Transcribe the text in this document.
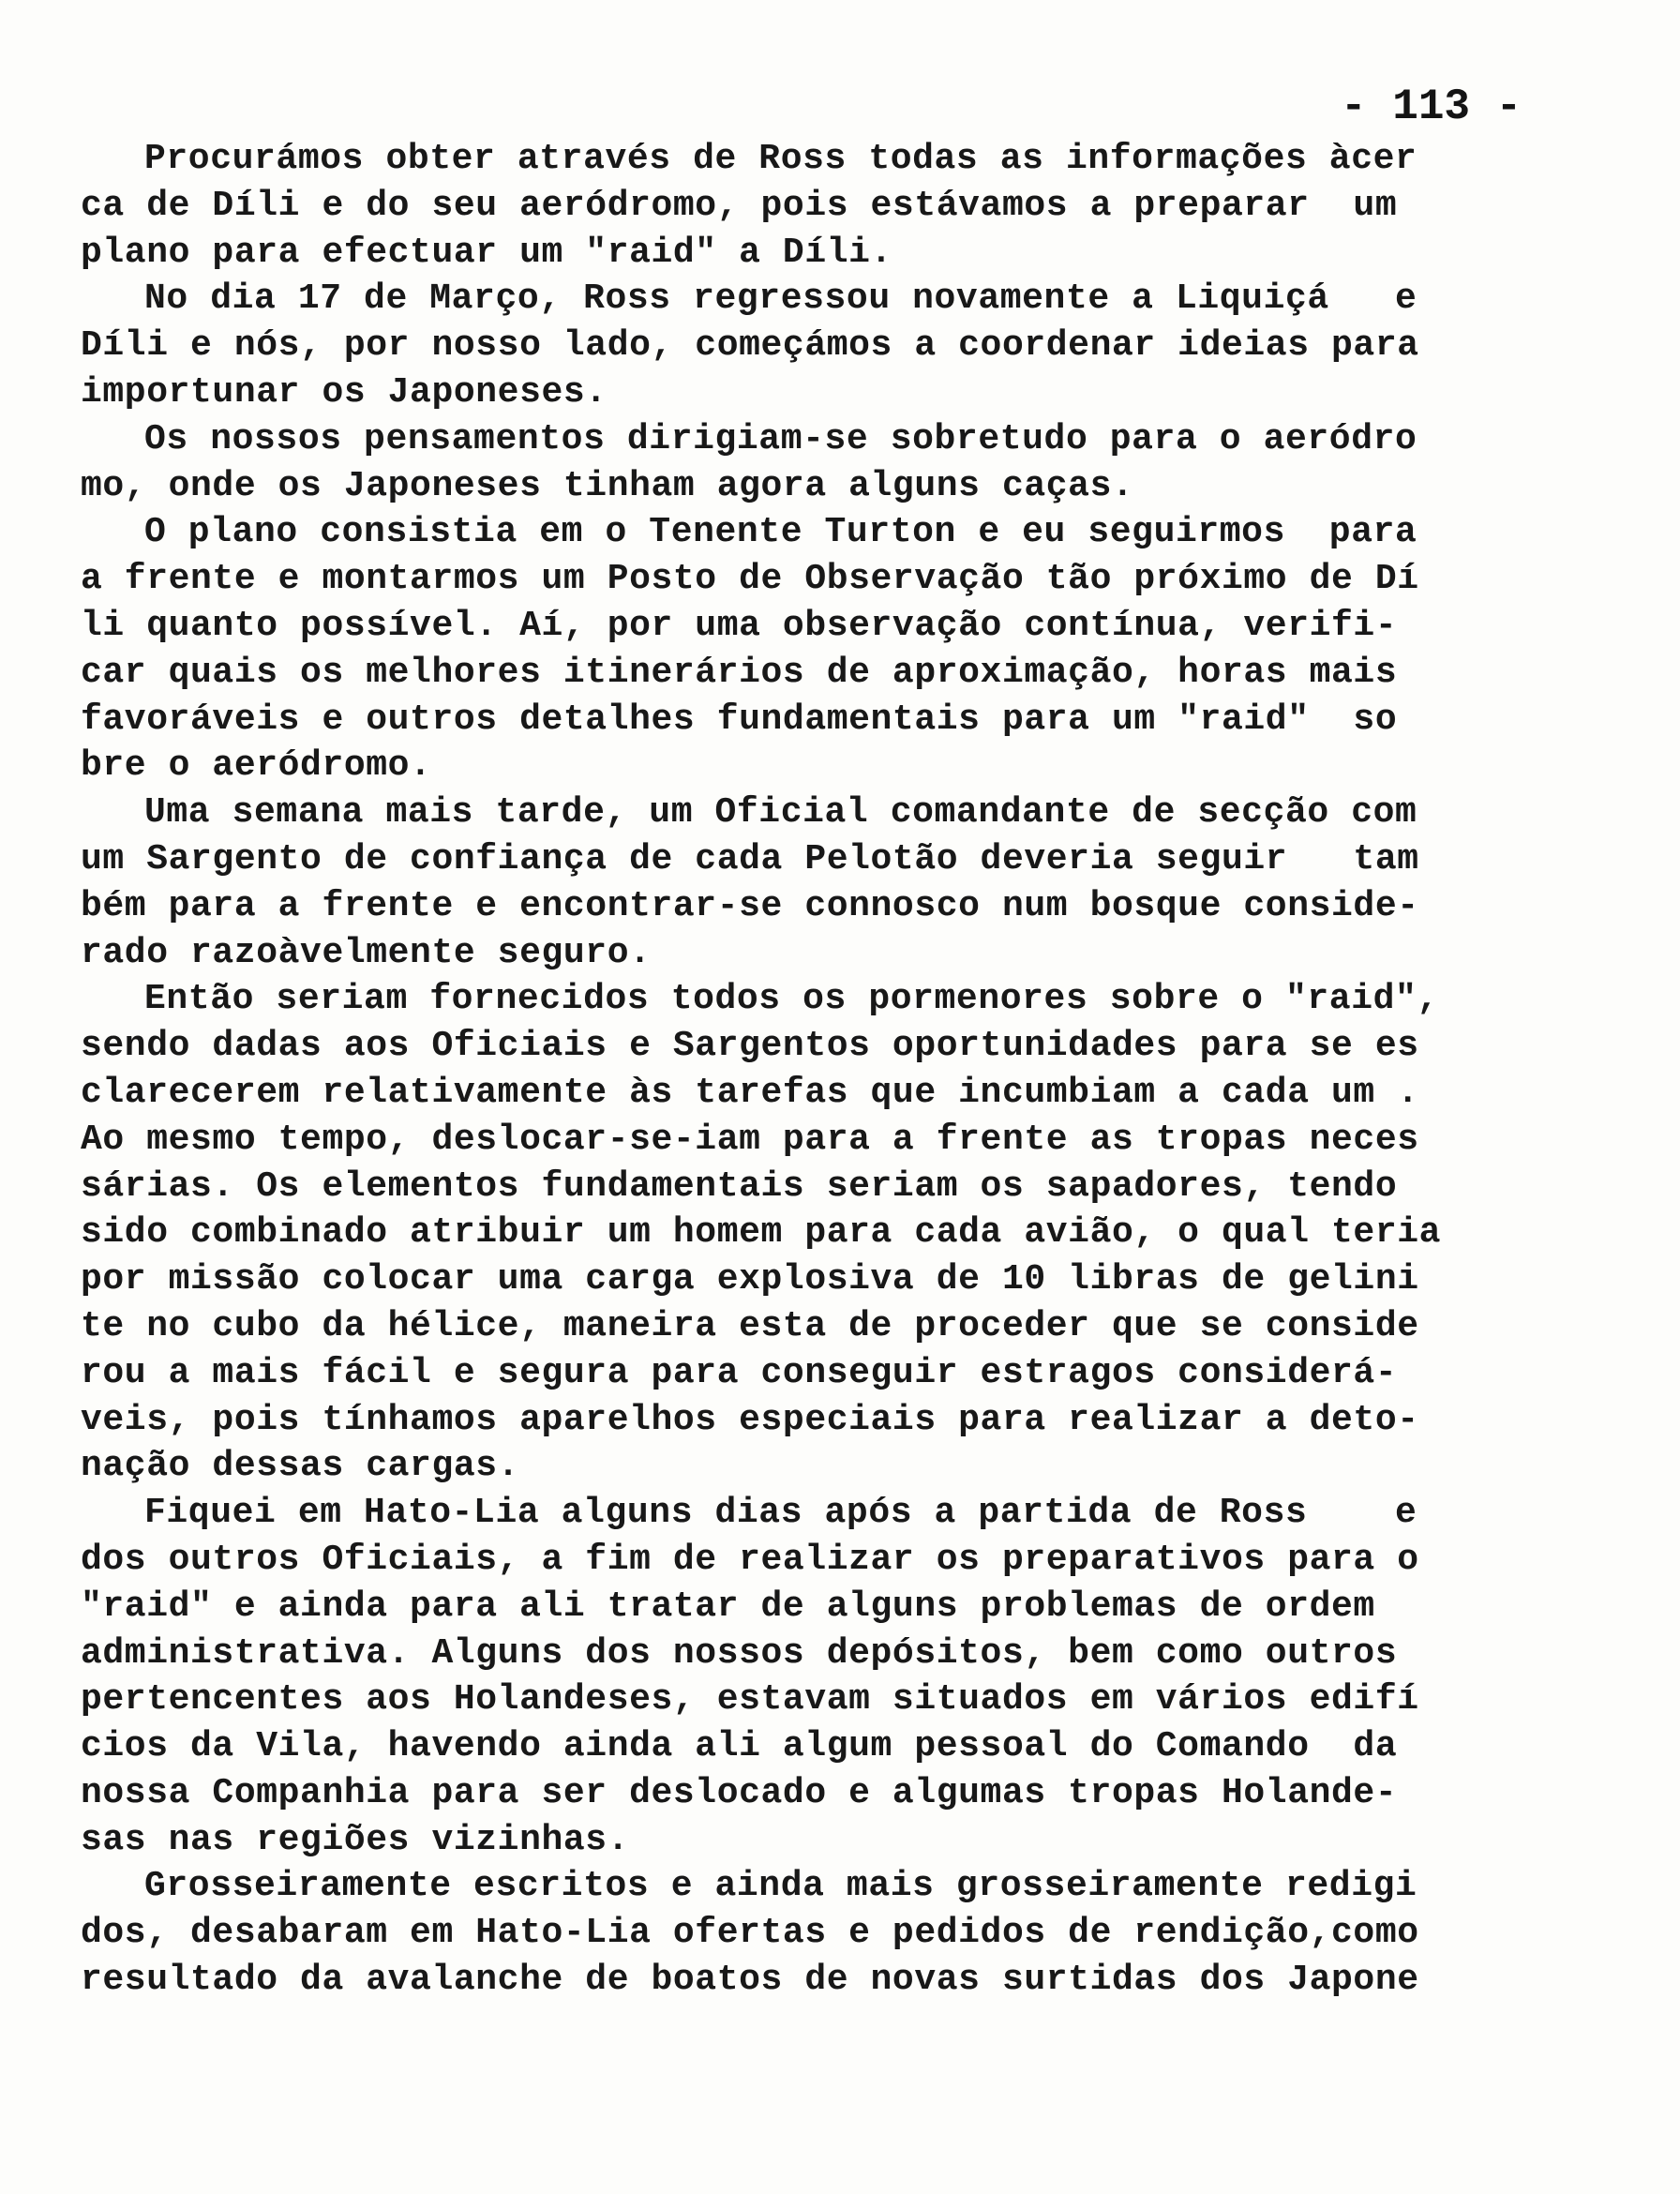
- 113 -

Procurámos obter através de Ross todas as informações àcer
ca de Díli e do seu aeródromo, pois estávamos a preparar  um
plano para efectuar um "raid" a Díli.
No dia 17 de Março, Ross regressou novamente a Liquiçá   e
Díli e nós, por nosso lado, começámos a coordenar ideias para
importunar os Japoneses.
Os nossos pensamentos dirigiam-se sobretudo para o aeródro
mo, onde os Japoneses tinham agora alguns caças.
O plano consistia em o Tenente Turton e eu seguirmos  para
a frente e montarmos um Posto de Observação tão próximo de Dí
li quanto possível. Aí, por uma observação contínua, verifi-
car quais os melhores itinerários de aproximação, horas mais
favoráveis e outros detalhes fundamentais para um "raid"  so
bre o aeródromo.
Uma semana mais tarde, um Oficial comandante de secção com
um Sargento de confiança de cada Pelotão deveria seguir   tam
bém para a frente e encontrar-se connosco num bosque conside-
rado razoàvelmente seguro.
Então seriam fornecidos todos os pormenores sobre o "raid",
sendo dadas aos Oficiais e Sargentos oportunidades para se es
clarecerem relativamente às tarefas que incumbiam a cada um .
Ao mesmo tempo, deslocar-se-iam para a frente as tropas neces
sárias. Os elementos fundamentais seriam os sapadores, tendo
sido combinado atribuir um homem para cada avião, o qual teria
por missão colocar uma carga explosiva de 10 libras de gelini
te no cubo da hélice, maneira esta de proceder que se conside
rou a mais fácil e segura para conseguir estragos considerá-
veis, pois tínhamos aparelhos especiais para realizar a deto-
nação dessas cargas.
Fiquei em Hato-Lia alguns dias após a partida de Ross    e
dos outros Oficiais, a fim de realizar os preparativos para o
"raid" e ainda para ali tratar de alguns problemas de ordem
administrativa. Alguns dos nossos depósitos, bem como outros
pertencentes aos Holandeses, estavam situados em vários edifí
cios da Vila, havendo ainda ali algum pessoal do Comando  da
nossa Companhia para ser deslocado e algumas tropas Holande-
sas nas regiões vizinhas.
Grosseiramente escritos e ainda mais grosseiramente redigi
dos, desabaram em Hato-Lia ofertas e pedidos de rendição,como
resultado da avalanche de boatos de novas surtidas dos Japone
